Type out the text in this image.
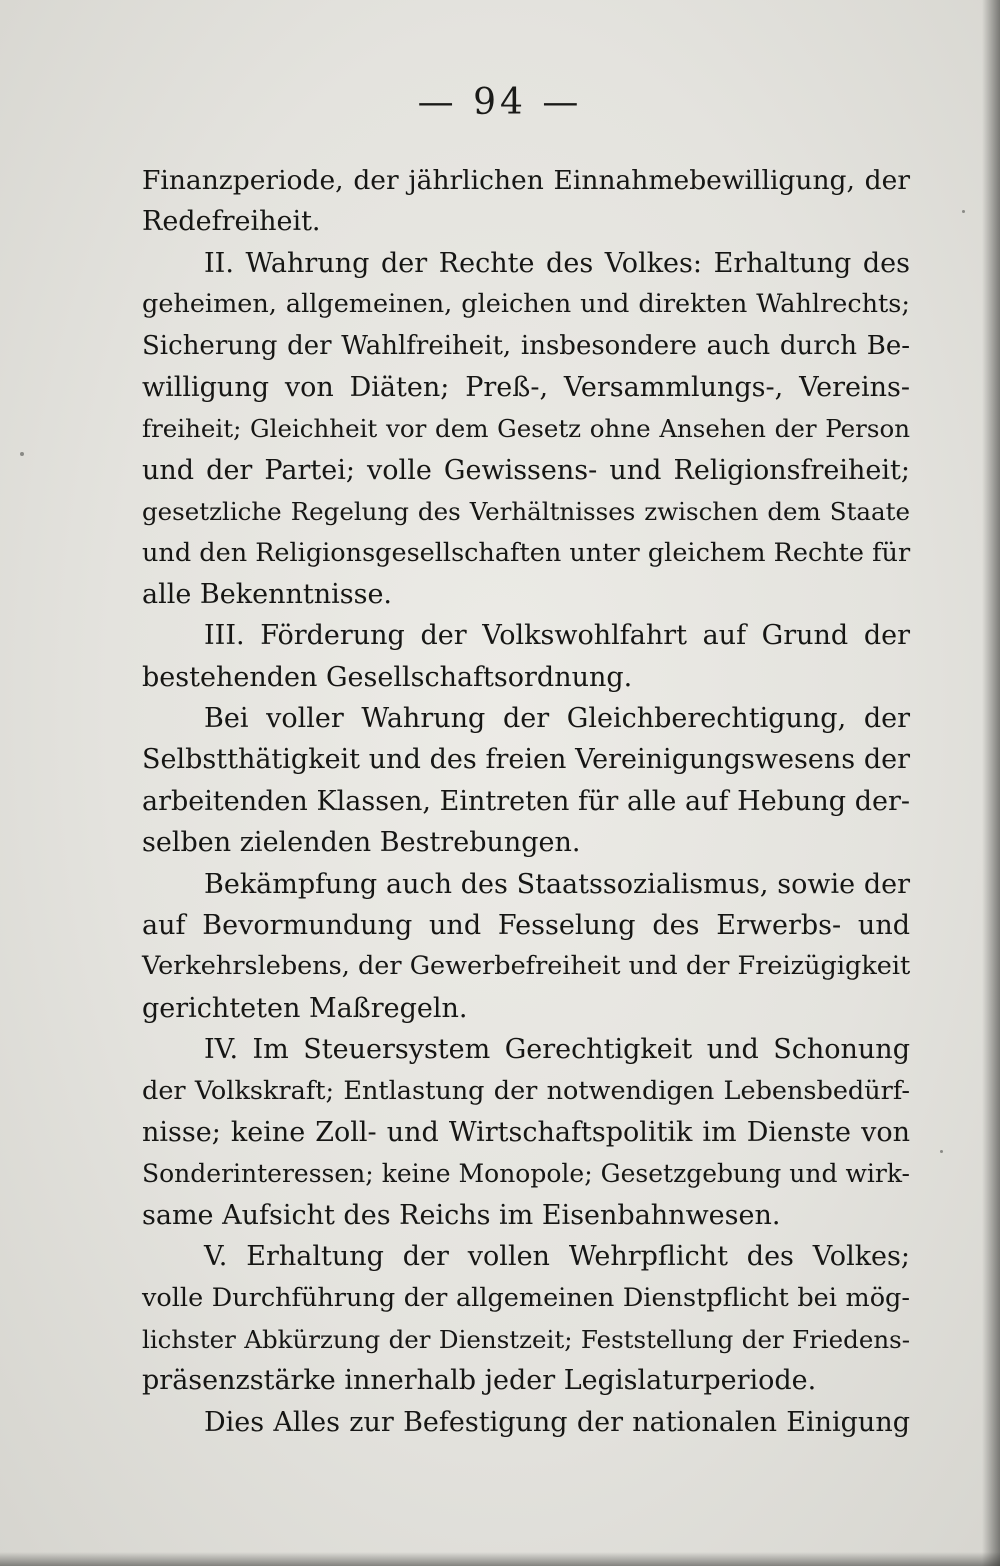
— 94 —
Finanzperiode, der jährlichen Einnahmebewilligung, der
Redefreiheit.
II. Wahrung der Rechte des Volkes: Erhaltung des
geheimen, allgemeinen, gleichen und direkten Wahlrechts;
Sicherung der Wahlfreiheit, insbesondere auch durch Be-
willigung von Diäten; Preß-, Versammlungs-, Vereins-
freiheit; Gleichheit vor dem Gesetz ohne Ansehen der Person
und der Partei; volle Gewissens- und Religionsfreiheit;
gesetzliche Regelung des Verhältnisses zwischen dem Staate
und den Religionsgesellschaften unter gleichem Rechte für
alle Bekenntnisse.
III. Förderung der Volkswohlfahrt auf Grund der
bestehenden Gesellschaftsordnung.
Bei voller Wahrung der Gleichberechtigung, der
Selbstthätigkeit und des freien Vereinigungswesens der
arbeitenden Klassen, Eintreten für alle auf Hebung der-
selben zielenden Bestrebungen.
Bekämpfung auch des Staatssozialismus, sowie der
auf Bevormundung und Fesselung des Erwerbs- und
Verkehrslebens, der Gewerbefreiheit und der Freizügigkeit
gerichteten Maßregeln.
IV. Im Steuersystem Gerechtigkeit und Schonung
der Volkskraft; Entlastung der notwendigen Lebensbedürf-
nisse; keine Zoll- und Wirtschaftspolitik im Dienste von
Sonderinteressen; keine Monopole; Gesetzgebung und wirk-
same Aufsicht des Reichs im Eisenbahnwesen.
V. Erhaltung der vollen Wehrpflicht des Volkes;
volle Durchführung der allgemeinen Dienstpflicht bei mög-
lichster Abkürzung der Dienstzeit; Feststellung der Friedens-
präsenzstärke innerhalb jeder Legislaturperiode.
Dies Alles zur Befestigung der nationalen Einigung
